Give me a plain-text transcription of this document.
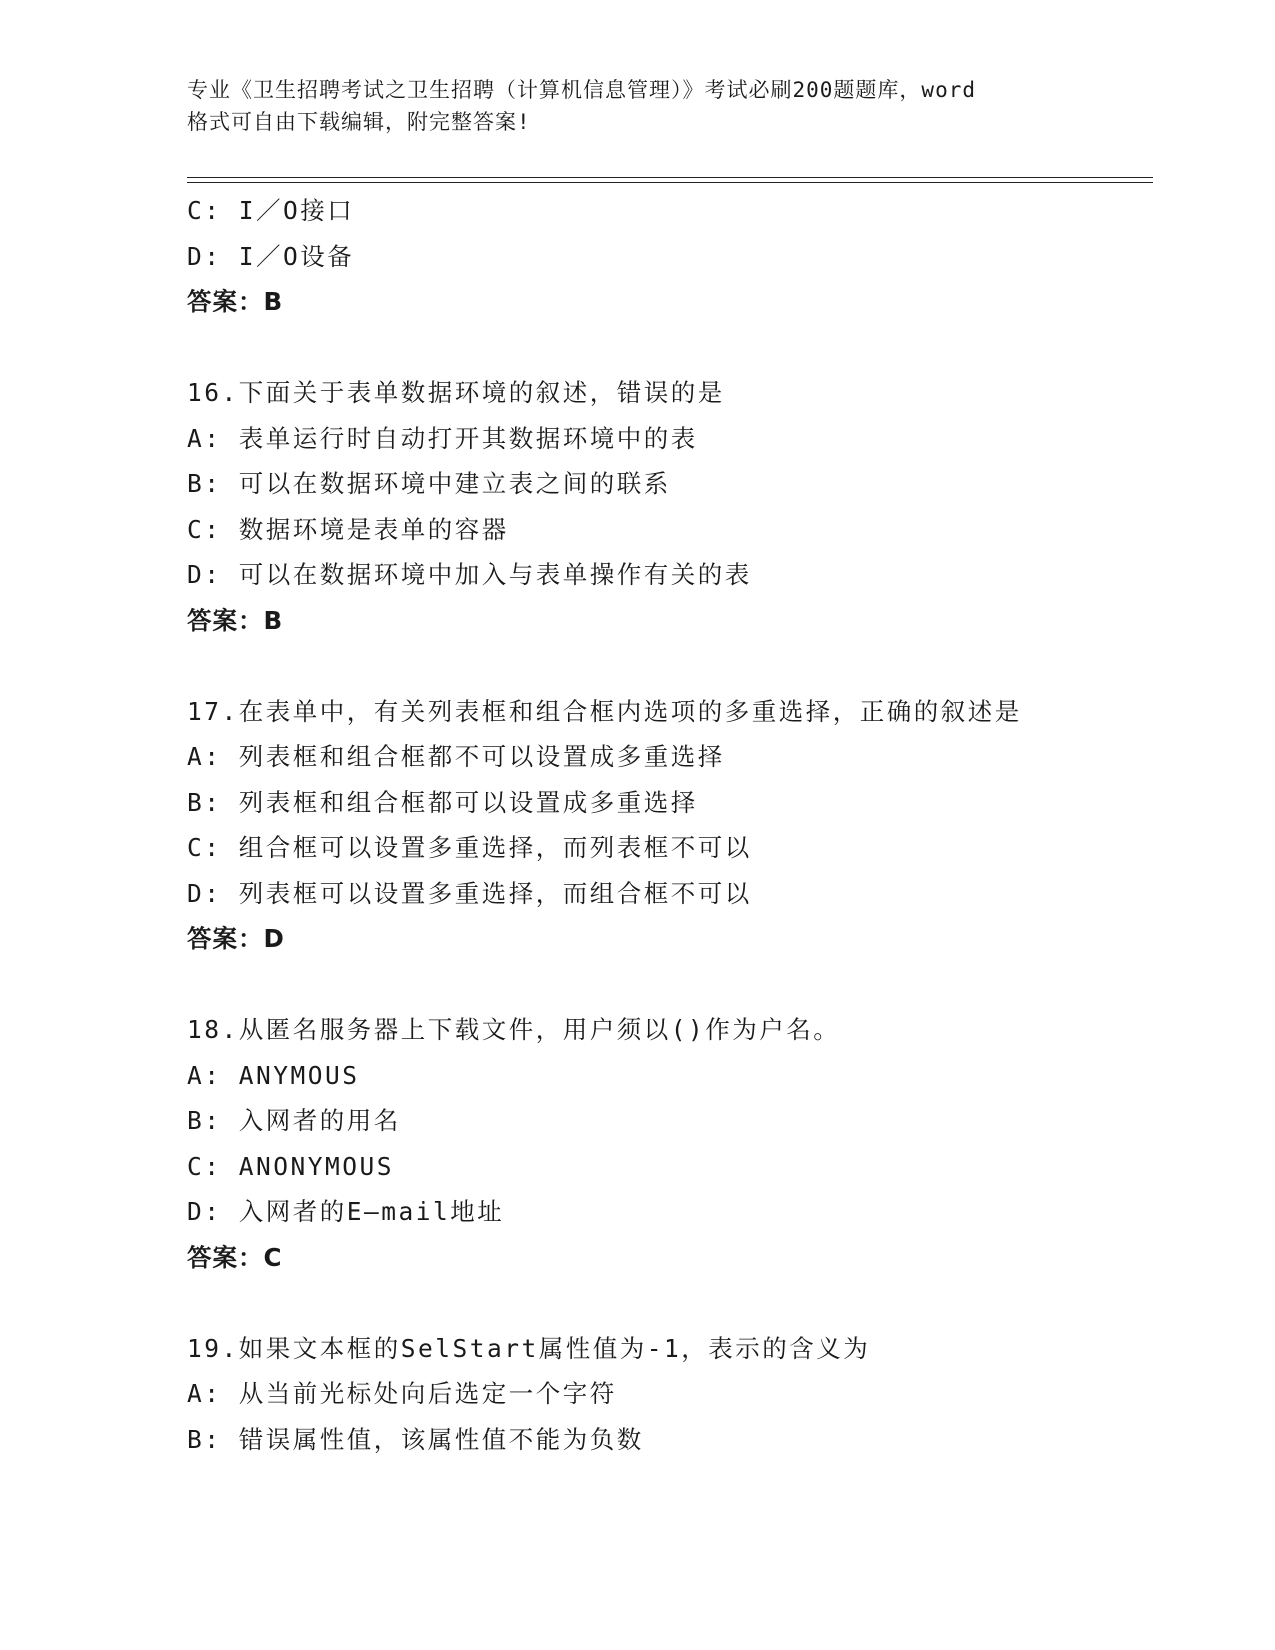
专业《卫生招聘考试之卫生招聘（计算机信息管理）》考试必刷200题题库，word
格式可自由下载编辑，附完整答案!
C: I／O接口
D: I／O设备
答案：B
16.下面关于表单数据环境的叙述，错误的是
A: 表单运行时自动打开其数据环境中的表
B: 可以在数据环境中建立表之间的联系
C: 数据环境是表单的容器
D: 可以在数据环境中加入与表单操作有关的表
答案：B
17.在表单中，有关列表框和组合框内选项的多重选择，正确的叙述是
A: 列表框和组合框都不可以设置成多重选择
B: 列表框和组合框都可以设置成多重选择
C: 组合框可以设置多重选择，而列表框不可以
D: 列表框可以设置多重选择，而组合框不可以
答案：D
18.从匿名服务器上下载文件，用户须以()作为户名。
A: ANYMOUS
B: 入网者的用名
C: ANONYMOUS
D: 入网者的E—mail地址
答案：C
19.如果文本框的SelStart属性值为-1，表示的含义为
A: 从当前光标处向后选定一个字符
B: 错误属性值，该属性值不能为负数
